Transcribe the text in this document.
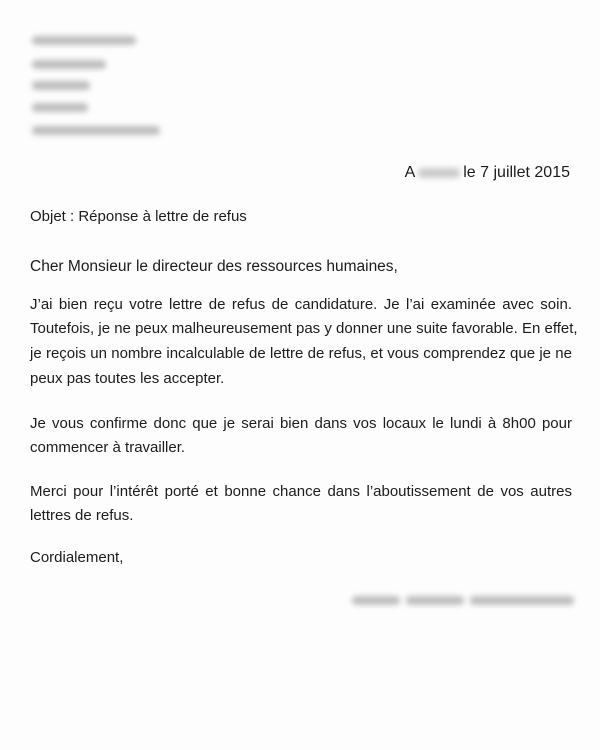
A	le 7 juillet 2015
Objet : Réponse à lettre de refus
Cher Monsieur le directeur des ressources humaines,
J’ai bien reçu votre lettre de refus de candidature. Je l’ai examinée avec soin.
Toutefois, je ne peux malheureusement pas y donner une suite favorable. En effet,
je reçois un nombre incalculable de lettre de refus, et vous comprendez que je ne
peux pas toutes les accepter.
Je vous confirme donc que je serai bien dans vos locaux le lundi à 8h00 pour
commencer à travailler.
Merci pour l’intérêt porté et bonne chance dans l’aboutissement de vos autres
lettres de refus.
Cordialement,
